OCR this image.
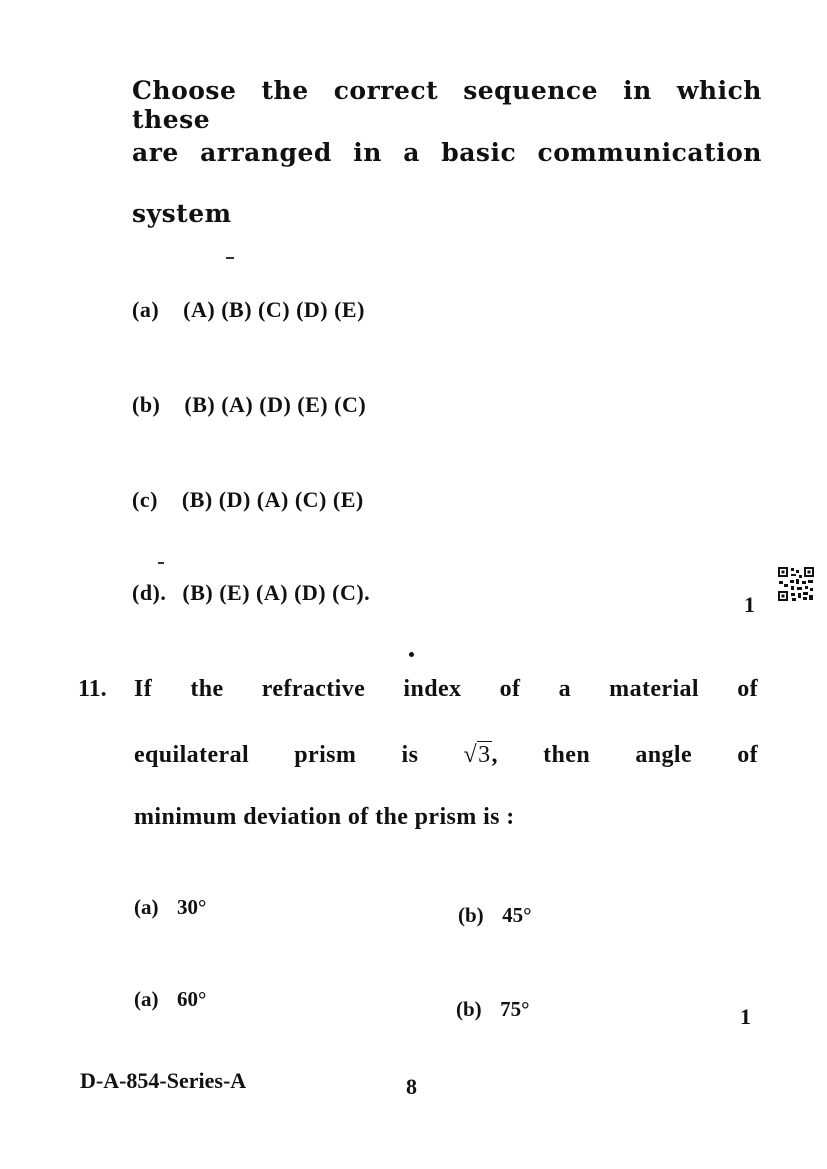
Choose the correct sequence in which these
are arranged in a basic communication
system
(a) (A) (B) (C) (D) (E)
(b) (B) (A) (D) (E) (C)
(c) (B) (D) (A) (C) (E)
(d). (B) (E) (A) (D) (C).	1
11. If the refractive index of a material of
equilateral prism is √3, then angle of
minimum deviation of the prism is :
(a) 30°	(b) 45°
(a) 60°	(b) 75°	1
D-A-854-Series-A	8
